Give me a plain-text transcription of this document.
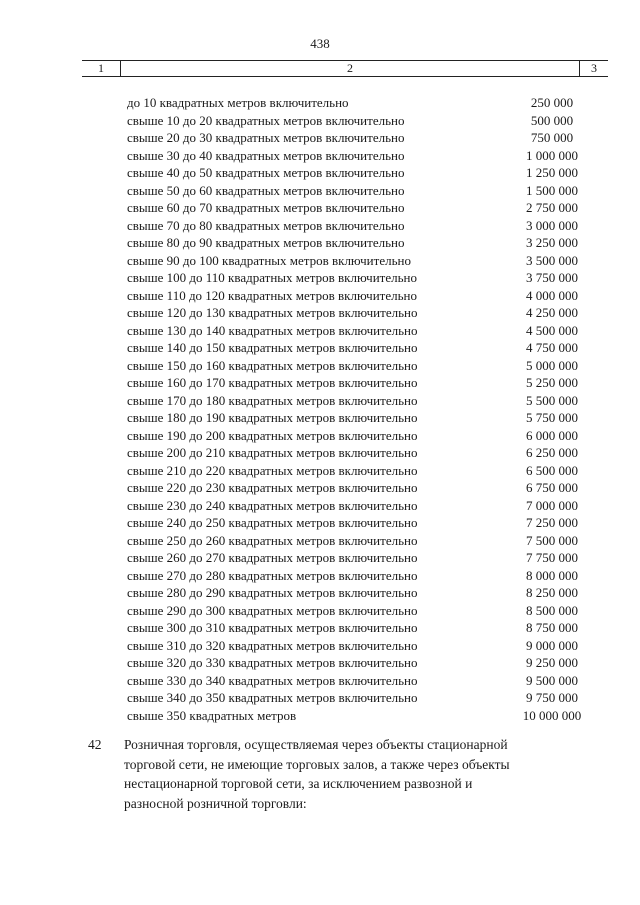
438
1	2	3
до 10 квадратных метров включительно	250 000
свыше 10 до 20 квадратных метров включительно	500 000
свыше 20 до 30 квадратных метров включительно	750 000
свыше 30 до 40 квадратных метров включительно	1 000 000
свыше 40 до 50 квадратных метров включительно	1 250 000
свыше 50 до 60 квадратных метров включительно	1 500 000
свыше 60 до 70 квадратных метров включительно	2 750 000
свыше 70 до 80 квадратных метров включительно	3 000 000
свыше 80 до 90 квадратных метров включительно	3 250 000
свыше 90 до 100 квадратных метров включительно	3 500 000
свыше 100 до 110 квадратных метров включительно	3 750 000
свыше 110 до 120 квадратных метров включительно	4 000 000
свыше 120 до 130 квадратных метров включительно	4 250 000
свыше 130 до 140 квадратных метров включительно	4 500 000
свыше 140 до 150 квадратных метров включительно	4 750 000
свыше 150 до 160 квадратных метров включительно	5 000 000
свыше 160 до 170 квадратных метров включительно	5 250 000
свыше 170 до 180 квадратных метров включительно	5 500 000
свыше 180 до 190 квадратных метров включительно	5 750 000
свыше 190 до 200 квадратных метров включительно	6 000 000
свыше 200 до 210 квадратных метров включительно	6 250 000
свыше 210 до 220 квадратных метров включительно	6 500 000
свыше 220 до 230 квадратных метров включительно	6 750 000
свыше 230 до 240 квадратных метров включительно	7 000 000
свыше 240 до 250 квадратных метров включительно	7 250 000
свыше 250 до 260 квадратных метров включительно	7 500 000
свыше 260 до 270 квадратных метров включительно	7 750 000
свыше 270 до 280 квадратных метров включительно	8 000 000
свыше 280 до 290 квадратных метров включительно	8 250 000
свыше 290 до 300 квадратных метров включительно	8 500 000
свыше 300 до 310 квадратных метров включительно	8 750 000
свыше 310 до 320 квадратных метров включительно	9 000 000
свыше 320 до 330 квадратных метров включительно	9 250 000
свыше 330 до 340 квадратных метров включительно	9 500 000
свыше 340 до 350 квадратных метров включительно	9 750 000
свыше 350 квадратных метров	10 000 000
42 Розничная торговля, осуществляемая через объекты стационарной торговой сети, не имеющие торговых залов, а также через объекты нестационарной торговой сети, за исключением развозной и разносной розничной торговли:
